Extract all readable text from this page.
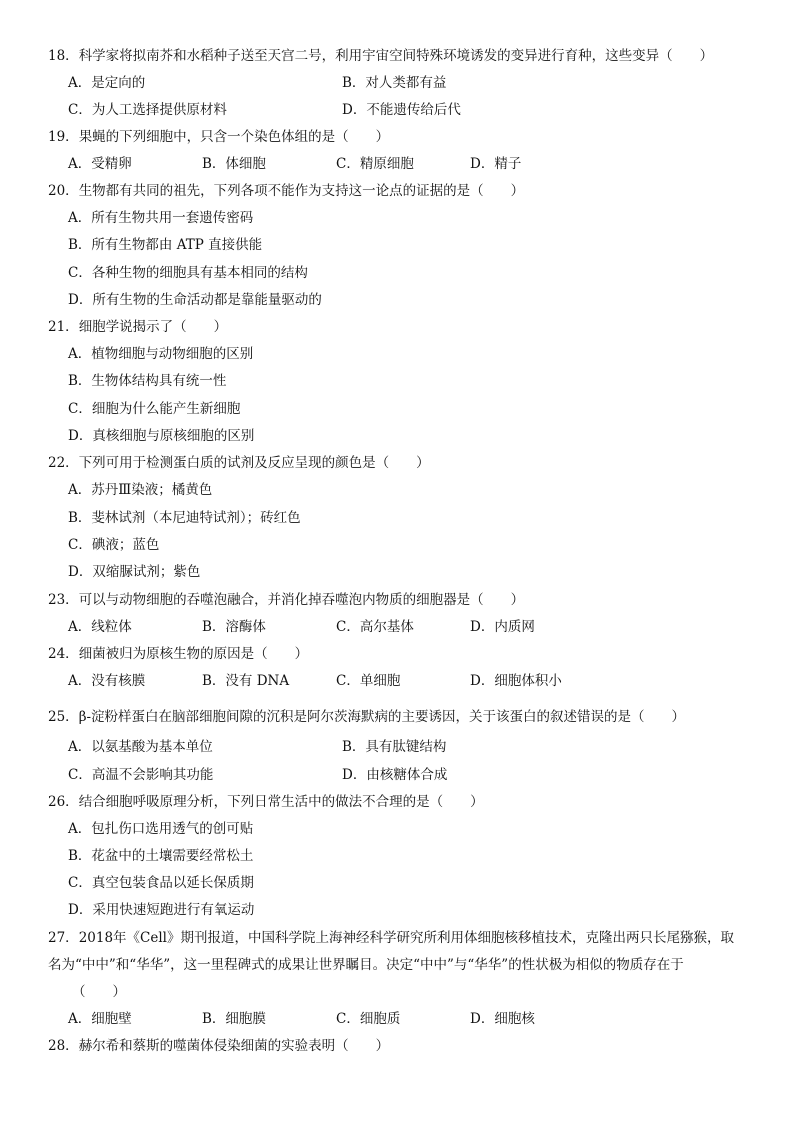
18．科学家将拟南芥和水稻种子送至天宫二号，利用宇宙空间特殊环境诱发的变异进行育种，这些变异（　　）
A．是定向的	B．对人类都有益
C．为人工选择提供原材料	D．不能遗传给后代
19．果蝇的下列细胞中，只含一个染色体组的是（　　）
A．受精卵	B．体细胞	C．精原细胞	D．精子
20．生物都有共同的祖先，下列各项不能作为支持这一论点的证据的是（　　）
A．所有生物共用一套遗传密码
B．所有生物都由 ATP 直接供能
C．各种生物的细胞具有基本相同的结构
D．所有生物的生命活动都是靠能量驱动的
21．细胞学说揭示了（　　）
A．植物细胞与动物细胞的区别
B．生物体结构具有统一性
C．细胞为什么能产生新细胞
D．真核细胞与原核细胞的区别
22．下列可用于检测蛋白质的试剂及反应呈现的颜色是（　　）
A．苏丹Ⅲ染液；橘黄色
B．斐林试剂（本尼迪特试剂）；砖红色
C．碘液；蓝色
D．双缩脲试剂；紫色
23．可以与动物细胞的吞噬泡融合，并消化掉吞噬泡内物质的细胞器是（　　）
A．线粒体	B．溶酶体	C．高尔基体	D．内质网
24．细菌被归为原核生物的原因是（　　）
A．没有核膜	B．没有 DNA	C．单细胞	D．细胞体积小
25．β-淀粉样蛋白在脑部细胞间隙的沉积是阿尔茨海默病的主要诱因，关于该蛋白的叙述错误的是（　　）
A．以氨基酸为基本单位	B．具有肽键结构
C．高温不会影响其功能	D．由核糖体合成
26．结合细胞呼吸原理分析，下列日常生活中的做法不合理的是（　　）
A．包扎伤口选用透气的创可贴
B．花盆中的土壤需要经常松土
C．真空包装食品以延长保质期
D．采用快速短跑进行有氧运动
27．2018年《Cell》期刊报道，中国科学院上海神经科学研究所利用体细胞核移植技术，克隆出两只长尾猕猴，取
名为“中中”和“华华”，这一里程碑式的成果让世界瞩目。决定“中中”与“华华”的性状极为相似的物质存在于
（　　）
A．细胞壁	B．细胞膜	C．细胞质	D．细胞核
28．赫尔希和蔡斯的噬菌体侵染细菌的实验表明（　　）
